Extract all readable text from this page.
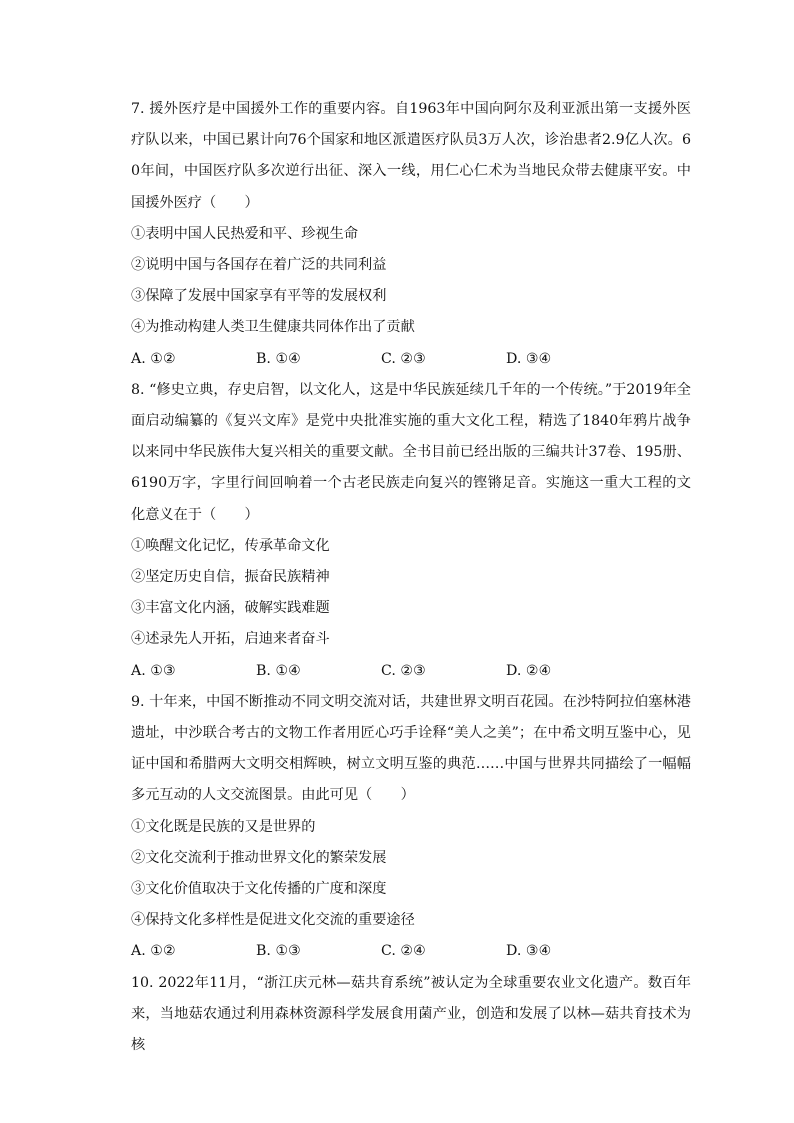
7. 援外医疗是中国援外工作的重要内容。自1963年中国向阿尔及利亚派出第一支援外医疗队以来，中国已累计向76个国家和地区派遣医疗队员3万人次，诊治患者2.9亿人次。60年间，中国医疗队多次逆行出征、深入一线，用仁心仁术为当地民众带去健康平安。中国援外医疗（　　）

①表明中国人民热爱和平、珍视生命

②说明中国与各国存在着广泛的共同利益

③保障了发展中国家享有平等的发展权利

④为推动构建人类卫生健康共同体作出了贡献

A. ①②	B. ①④	C. ②③	D. ③④

8. “修史立典，存史启智，以文化人，这是中华民族延续几千年的一个传统。”于2019年全面启动编纂的《复兴文库》是党中央批准实施的重大文化工程，精选了1840年鸦片战争以来同中华民族伟大复兴相关的重要文献。全书目前已经出版的三编共计37卷、195册、6190万字，字里行间回响着一个古老民族走向复兴的铿锵足音。实施这一重大工程的文化意义在于（　　）

①唤醒文化记忆，传承革命文化

②坚定历史自信，振奋民族精神

③丰富文化内涵，破解实践难题

④述录先人开拓，启迪来者奋斗

A. ①③	B. ①④	C. ②③	D. ②④

9. 十年来，中国不断推动不同文明交流对话，共建世界文明百花园。在沙特阿拉伯塞林港遗址，中沙联合考古的文物工作者用匠心巧手诠释“美人之美”；在中希文明互鉴中心，见证中国和希腊两大文明交相辉映，树立文明互鉴的典范……中国与世界共同描绘了一幅幅多元互动的人文交流图景。由此可见（　　）

①文化既是民族的又是世界的

②文化交流利于推动世界文化的繁荣发展

③文化价值取决于文化传播的广度和深度

④保持文化多样性是促进文化交流的重要途径

A. ①②	B. ①③	C. ②④	D. ③④

10. 2022年11月，“浙江庆元林—菇共育系统”被认定为全球重要农业文化遗产。数百年来，当地菇农通过利用森林资源科学发展食用菌产业，创造和发展了以林—菇共育技术为核
